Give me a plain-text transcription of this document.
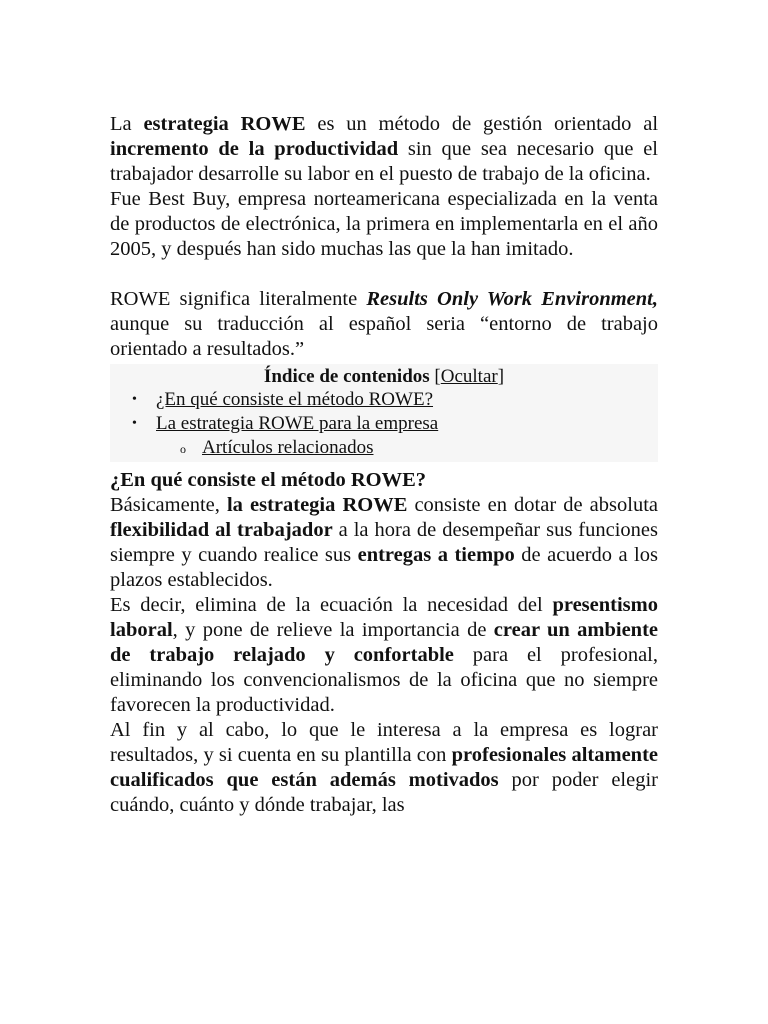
La estrategia ROWE es un método de gestión orientado al incremento de la productividad sin que sea necesario que el trabajador desarrolle su labor en el puesto de trabajo de la oficina.

Fue Best Buy, empresa norteamericana especializada en la venta de productos de electrónica, la primera en implementarla en el año 2005, y después han sido muchas las que la han imitado.

ROWE significa literalmente Results Only Work Environment, aunque su traducción al español seria “entorno de trabajo orientado a resultados.”

Índice de contenidos [Ocultar]
• ¿En qué consiste el método ROWE?
• La estrategia ROWE para la empresa
o Artículos relacionados
¿En qué consiste el método ROWE?

Básicamente, la estrategia ROWE consiste en dotar de absoluta flexibilidad al trabajador a la hora de desempeñar sus funciones siempre y cuando realice sus entregas a tiempo de acuerdo a los plazos establecidos.

Es decir, elimina de la ecuación la necesidad del presentismo laboral, y pone de relieve la importancia de crear un ambiente de trabajo relajado y confortable para el profesional, eliminando los convencionalismos de la oficina que no siempre favorecen la productividad.

Al fin y al cabo, lo que le interesa a la empresa es lograr resultados, y si cuenta en su plantilla con profesionales altamente cualificados que están además motivados por poder elegir cuándo, cuánto y dónde trabajar, las
